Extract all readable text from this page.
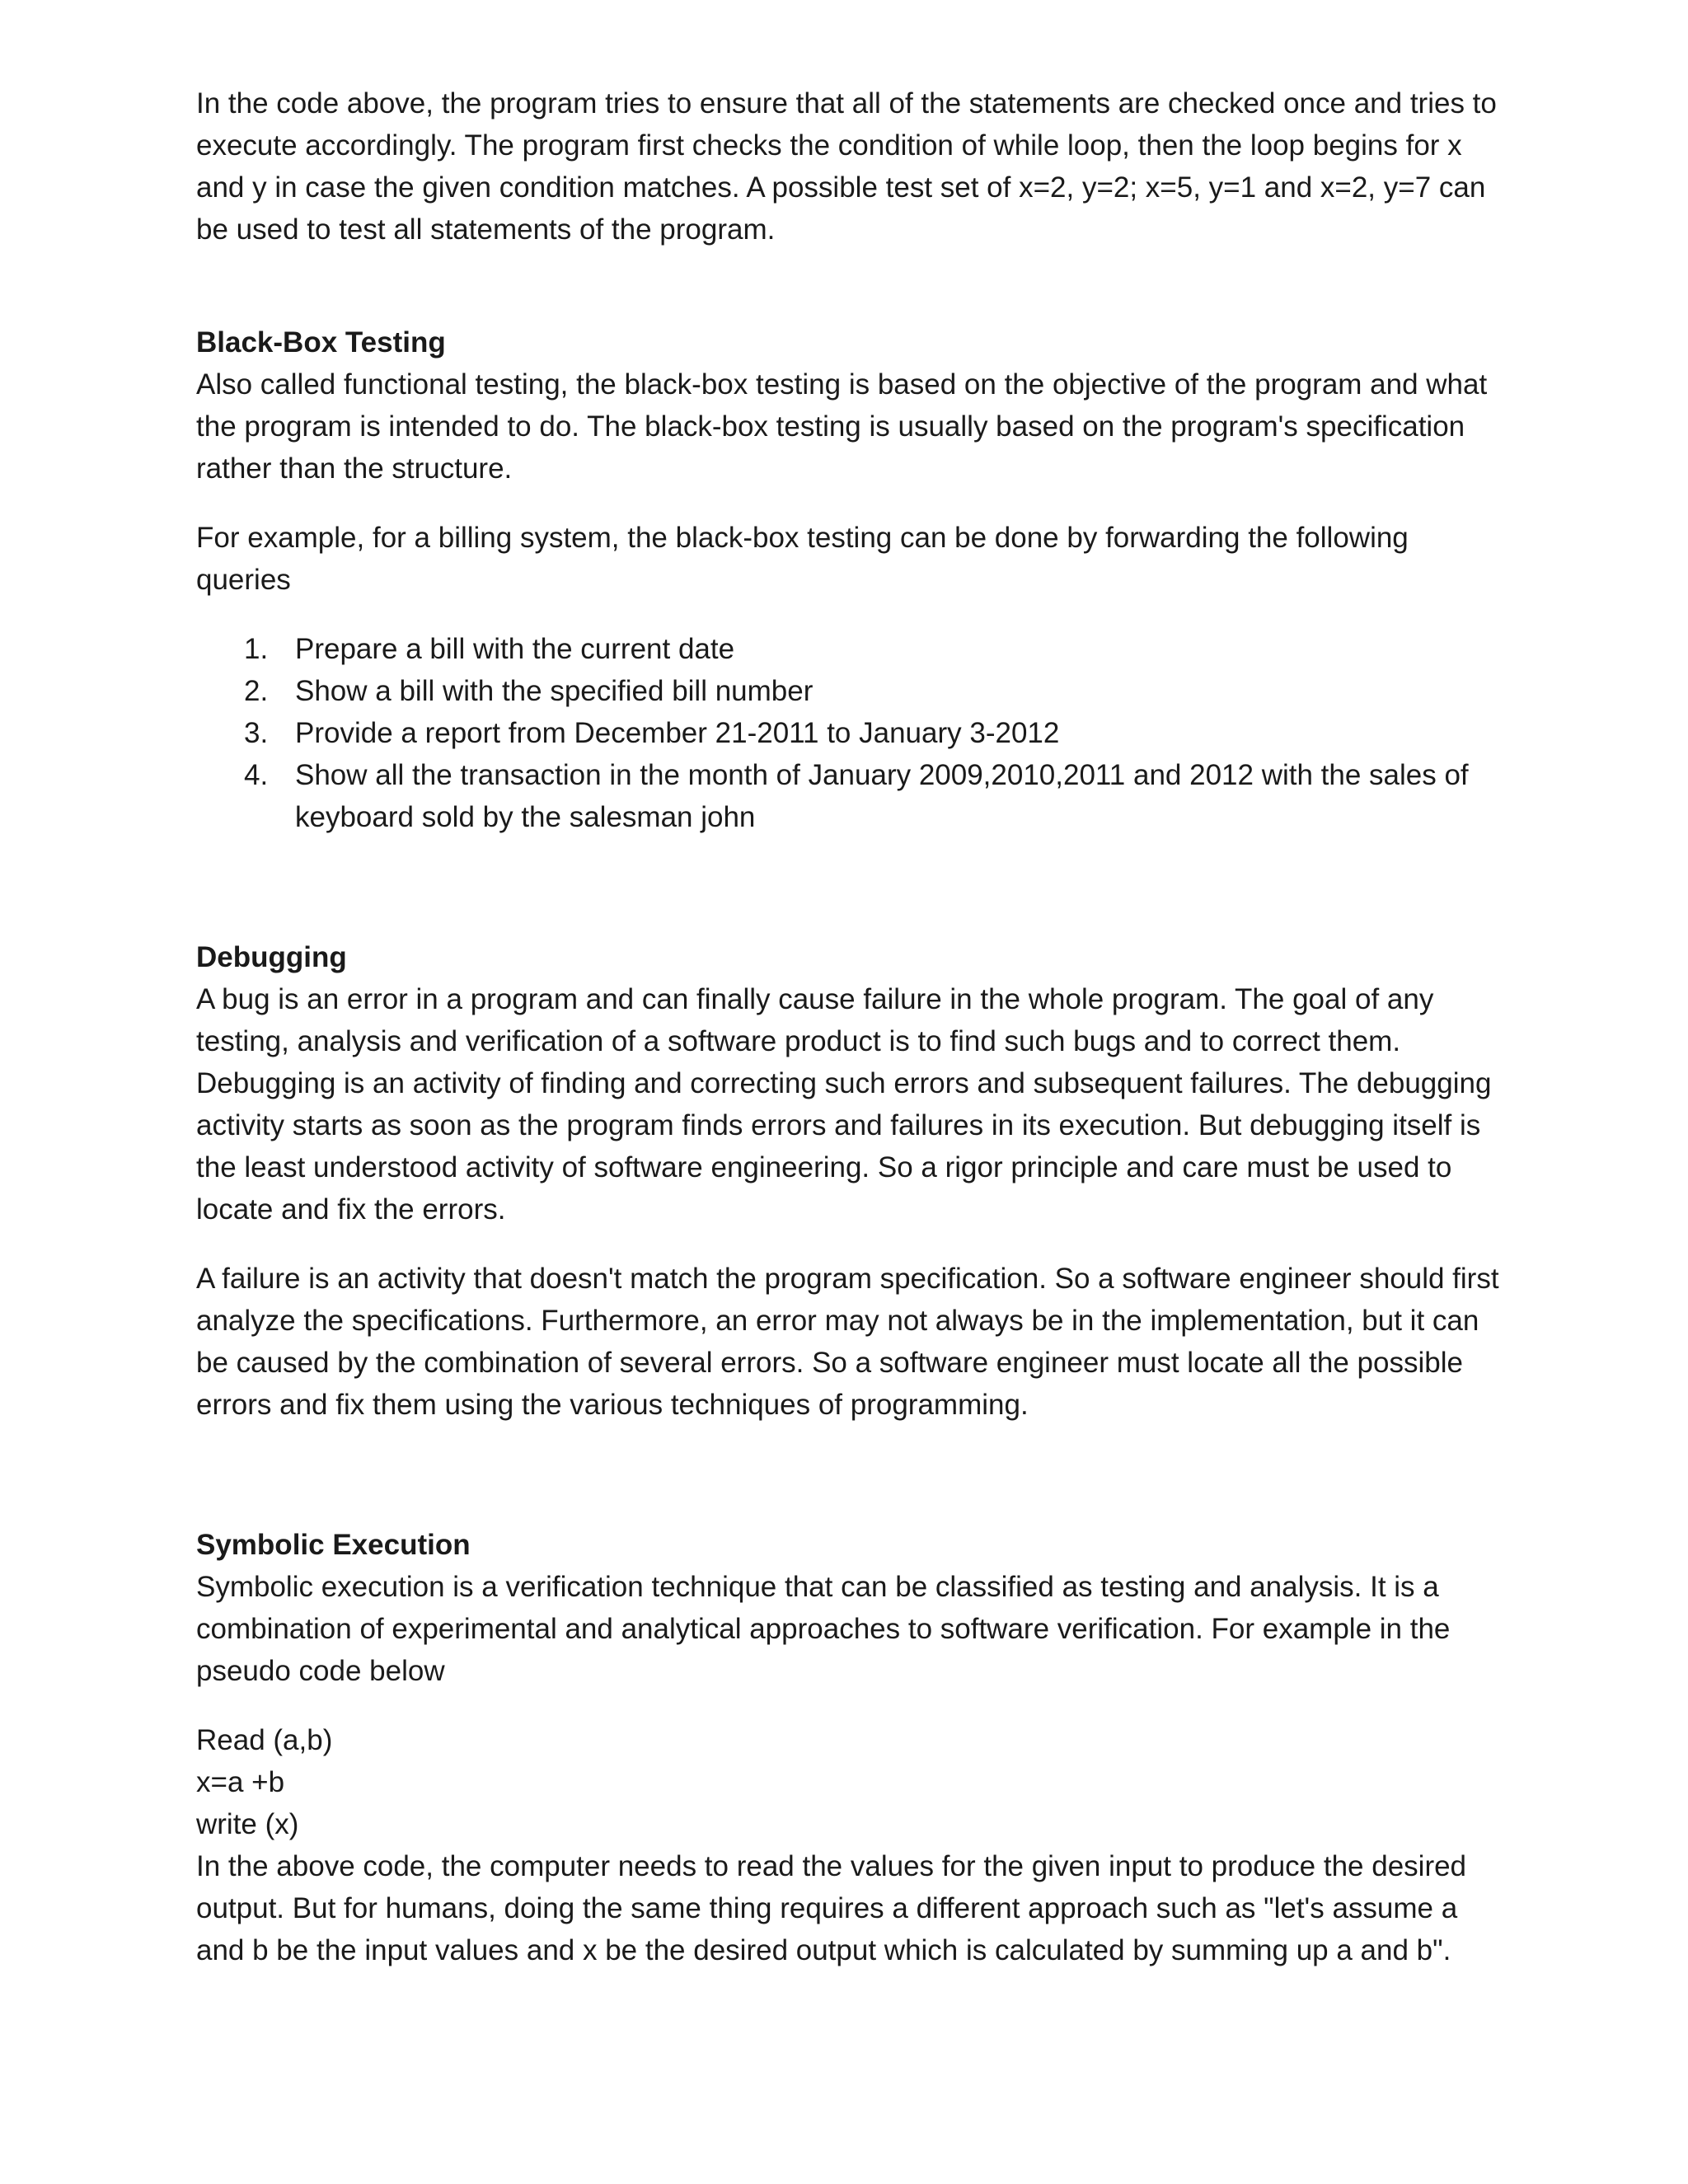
In the code above, the program tries to ensure that all of the statements are checked once and tries to execute accordingly. The program first checks the condition of while loop, then the loop begins for x and y in case the given condition matches. A possible test set of x=2, y=2; x=5, y=1 and x=2, y=7 can be used to test all statements of the program.

Black-Box Testing

Also called functional testing, the black-box testing is based on the objective of the program and what the program is intended to do. The black-box testing is usually based on the program's specification rather than the structure.

For example, for a billing system, the black-box testing can be done by forwarding the following queries

1. Prepare a bill with the current date
2. Show a bill with the specified bill number
3. Provide a report from December 21-2011 to January 3-2012
4. Show all the transaction in the month of January 2009,2010,2011 and 2012 with the sales of keyboard sold by the salesman john

Debugging

A bug is an error in a program and can finally cause failure in the whole program. The goal of any testing, analysis and verification of a software product is to find such bugs and to correct them. Debugging is an activity of finding and correcting such errors and subsequent failures. The debugging activity starts as soon as the program finds errors and failures in its execution. But debugging itself is the least understood activity of software engineering. So a rigor principle and care must be used to locate and fix the errors.

A failure is an activity that doesn't match the program specification. So a software engineer should first analyze the specifications. Furthermore, an error may not always be in the implementation, but it can be caused by the combination of several errors. So a software engineer must locate all the possible errors and fix them using the various techniques of programming.

Symbolic Execution

Symbolic execution is a verification technique that can be classified as testing and analysis. It is a combination of experimental and analytical approaches to software verification. For example in the pseudo code below

Read (a,b)

x=a +b

write (x)

In the above code, the computer needs to read the values for the given input to produce the desired output. But for humans, doing the same thing requires a different approach such as "let's assume a and b be the input values and x be the desired output which is calculated by summing up a and b".
